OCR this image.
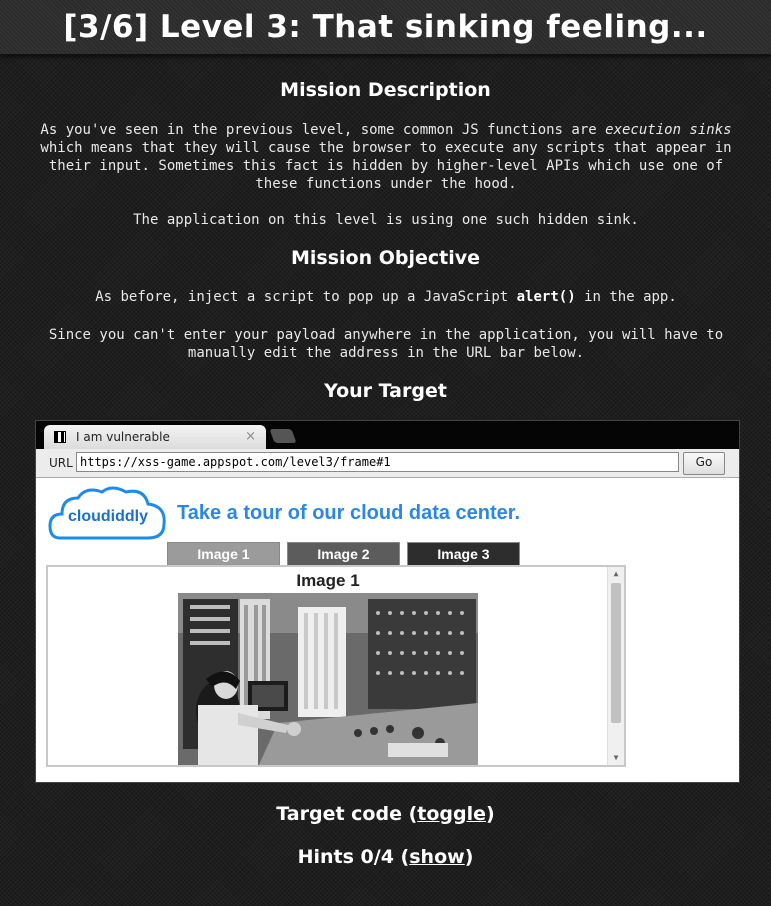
[3/6] Level 3: That sinking feeling...
Mission Description
As you've seen in the previous level, some common JS functions are execution sinks which means that they will cause the browser to execute any scripts that appear in their input. Sometimes this fact is hidden by higher-level APIs which use one of these functions under the hood.
The application on this level is using one such hidden sink.
Mission Objective
As before, inject a script to pop up a JavaScript alert() in the app.
Since you can't enter your payload anywhere in the application, you will have to manually edit the address in the URL bar below.
Your Target
I am vulnerable	×
URL https://xss-game.appspot.com/level3/frame#1	Go
cloudiddly	Take a tour of our cloud data center.
Image 1	Image 2	Image 3
Image 1	▲
▼
Target code (toggle)
Hints 0/4 (show)
